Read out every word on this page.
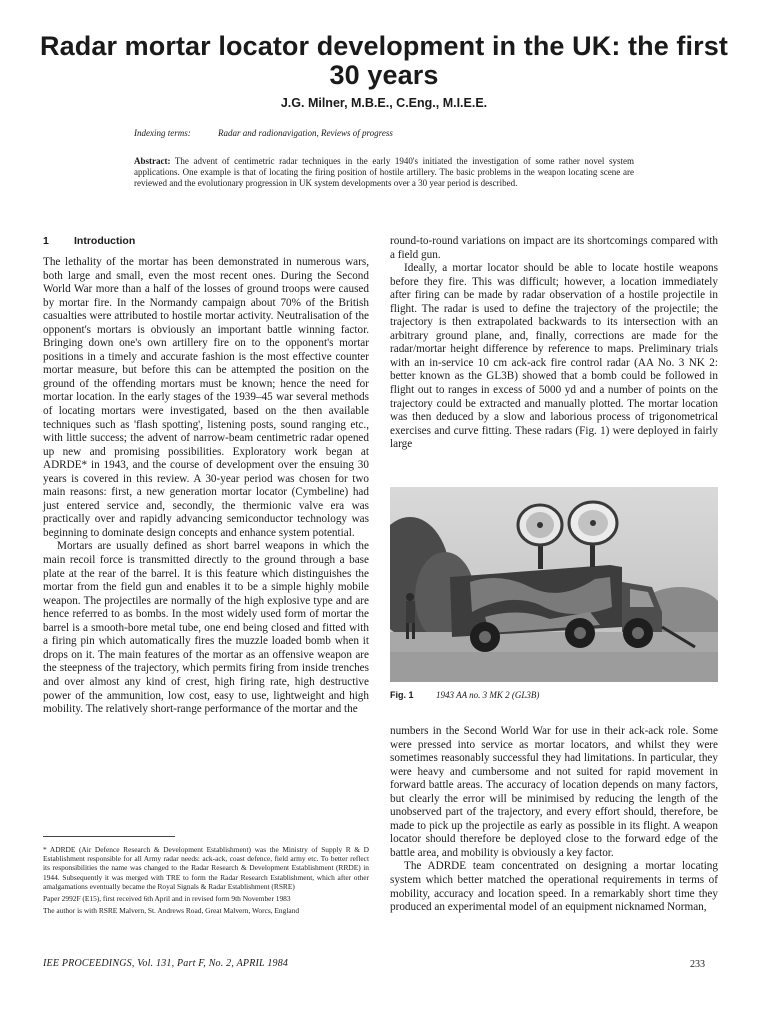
Radar mortar locator development in the UK: the first 30 years
J.G. Milner, M.B.E., C.Eng., M.I.E.E.
Indexing terms:	Radar and radionavigation, Reviews of progress
Abstract: The advent of centimetric radar techniques in the early 1940's initiated the investigation of some rather novel system applications. One example is that of locating the firing position of hostile artillery. The basic problems in the weapon locating scene are reviewed and the evolutionary progression in UK system developments over a 30 year period is described.
1 Introduction

The lethality of the mortar has been demonstrated in numerous wars, both large and small, even the most recent ones. During the Second World War more than a half of the losses of ground troops were caused by mortar fire. In the Normandy campaign about 70% of the British casualties were attributed to hostile mortar activity. Neutralisation of the opponent's mortars is obviously an important battle winning factor. Bringing down one's own artillery fire on to the opponent's mortar positions in a timely and accurate fashion is the most effective counter mortar measure, but before this can be attempted the position on the ground of the offending mortars must be known; hence the need for mortar location. In the early stages of the 1939–45 war several methods of locating mortars were investigated, based on the then available techniques such as 'flash spotting', listening posts, sound ranging etc., with little success; the advent of narrow-beam centimetric radar opened up new and promising possibilities. Exploratory work began at ADRDE* in 1943, and the course of development over the ensuing 30 years is covered in this review. A 30-year period was chosen for two main reasons: first, a new generation mortar locator (Cymbeline) had just entered service and, secondly, the thermionic valve era was practically over and rapidly advancing semiconductor technology was beginning to dominate design concepts and enhance system potential.

Mortars are usually defined as short barrel weapons in which the main recoil force is transmitted directly to the ground through a base plate at the rear of the barrel. It is this feature which distinguishes the mortar from the field gun and enables it to be a simple highly mobile weapon. The projectiles are normally of the high explosive type and are hence referred to as bombs. In the most widely used form of mortar the barrel is a smooth-bore metal tube, one end being closed and fitted with a firing pin which automatically fires the muzzle loaded bomb when it drops on it. The main features of the mortar as an offensive weapon are the steepness of the trajectory, which permits firing from inside trenches and over almost any kind of crest, high firing rate, high destructive power of the ammunition, low cost, easy to use, lightweight and high mobility. The relatively short-range performance of the mortar and the

round-to-round variations on impact are its shortcomings compared with a field gun.

Ideally, a mortar locator should be able to locate hostile weapons before they fire. This was difficult; however, a location immediately after firing can be made by radar observation of a hostile projectile in flight. The radar is used to define the trajectory of the projectile; the trajectory is then extrapolated backwards to its intersection with an arbitrary ground plane, and, finally, corrections are made for the radar/mortar height difference by reference to maps. Preliminary trials with an in-service 10 cm ack-ack fire control radar (AA No. 3 NK 2: better known as the GL3B) showed that a bomb could be followed in flight out to ranges in excess of 5000 yd and a number of points on the trajectory could be extracted and manually plotted. The mortar location was then deduced by a slow and laborious process of trigonometrical exercises and curve fitting. These radars (Fig. 1) were deployed in fairly large

Fig. 1 1943 AA no. 3 MK 2 (GL3B)

numbers in the Second World War for use in their ack-ack role. Some were pressed into service as mortar locators, and whilst they were sometimes reasonably successful they had limitations. In particular, they were heavy and cumbersome and not suited for rapid movement in forward battle areas. The accuracy of location depends on many factors, but clearly the error will be minimised by reducing the length of the unobserved part of the trajectory, and every effort should, therefore, be made to pick up the projectile as early as possible in its flight. A weapon locator should therefore be deployed close to the forward edge of the battle area, and mobility is obviously a key factor.

The ADRDE team concentrated on designing a mortar locating system which better matched the operational requirements in terms of mobility, accuracy and location speed. In a remarkably short time they produced an experimental model of an equipment nicknamed Norman,

* ADRDE (Air Defence Research & Development Establishment) was the Ministry of Supply R & D Establishment responsible for all Army radar needs: ack-ack, coast defence, field army etc. To better reflect its responsibilities the name was changed to the Radar Research & Development Establishment (RRDE) in 1944. Subsequently it was merged with TRE to form the Radar Research Establishment, which after other amalgamations eventually became the Royal Signals & Radar Establishment (RSRE)

Paper 2992F (E15), first received 6th April and in revised form 9th November 1983

The author is with RSRE Malvern, St. Andrews Road, Great Malvern, Worcs, England

IEE PROCEEDINGS, Vol. 131, Part F, No. 2, APRIL 1984	233
